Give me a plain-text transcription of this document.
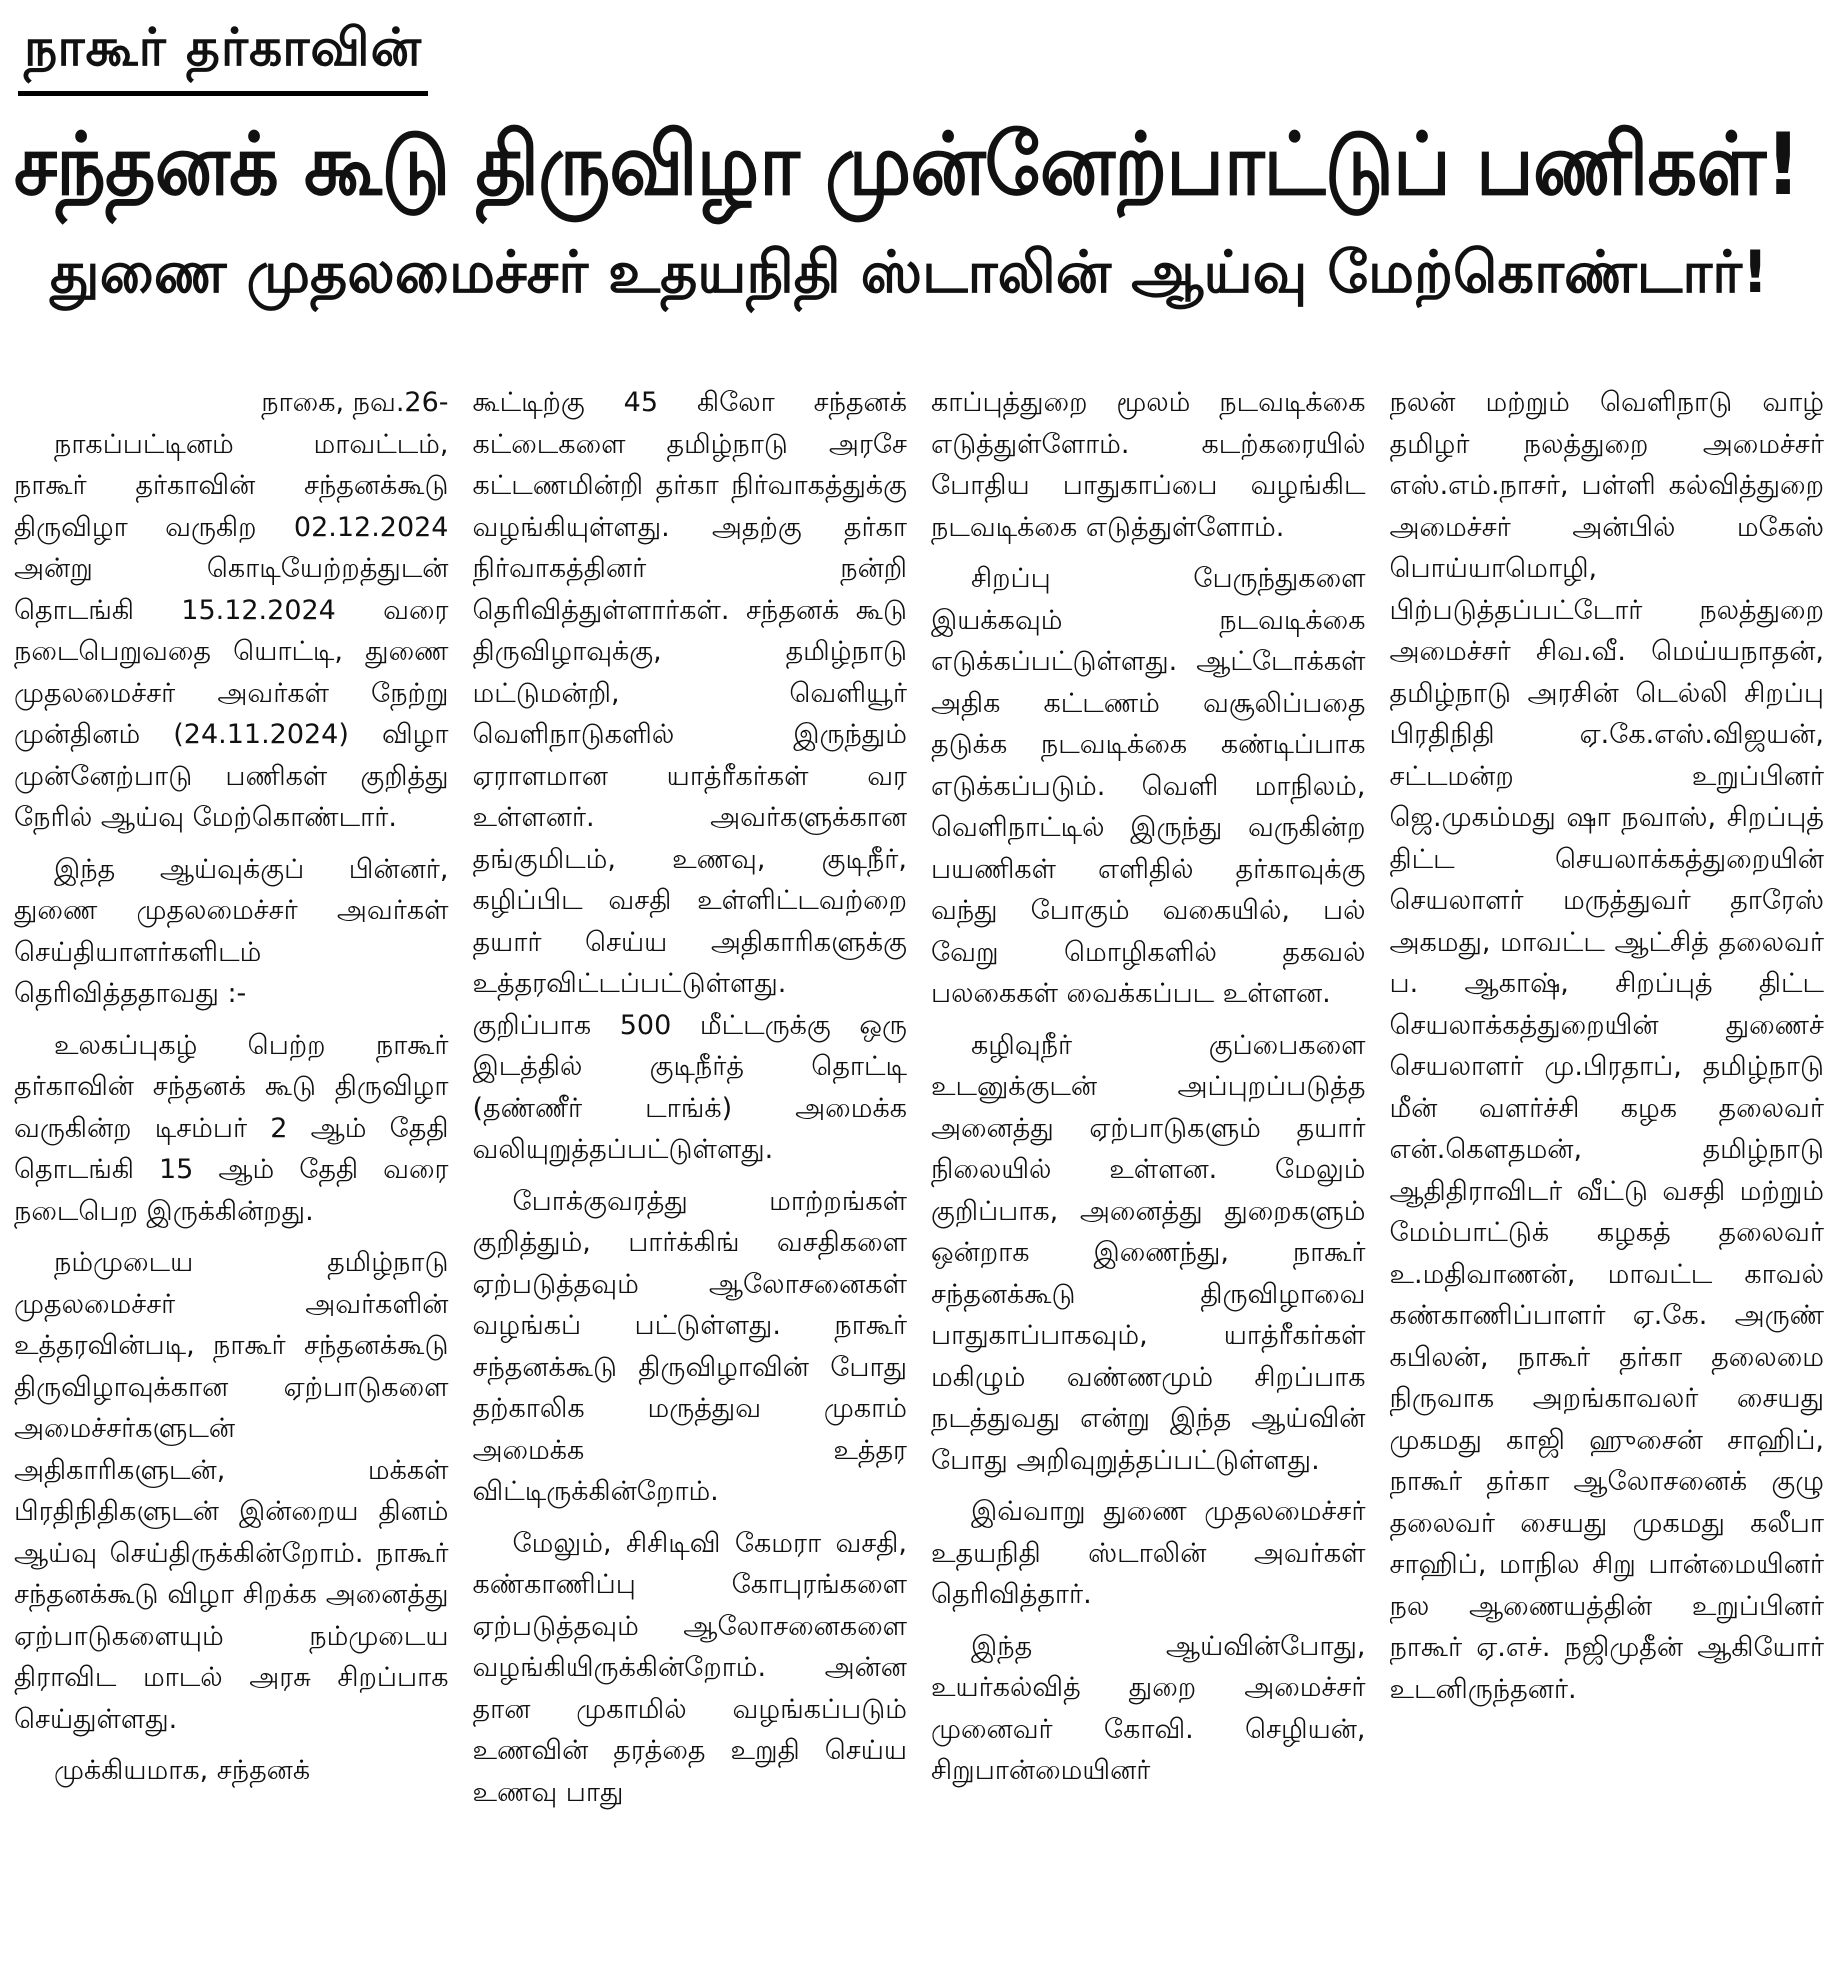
நாகூர் தர்காவின்
சந்தனக் கூடு திருவிழா முன்னேற்பாட்டுப் பணிகள்!
துணை முதலமைச்சர் உதயநிதி ஸ்டாலின் ஆய்வு மேற்கொண்டார்!

நாகை, நவ.26-

நாகப்பட்டினம் மாவட்டம், நாகூர் தர்காவின் சந்தனக்கூடு திருவிழா வருகிற 02.12.2024 அன்று கொடியேற்றத்துடன் தொடங்கி 15.12.2024 வரை நடைபெறுவதை யொட்டி, துணை முதலமைச்சர் அவர்கள் நேற்று முன்தினம் (24.11.2024) விழா முன்னேற்பாடு பணிகள் குறித்து நேரில் ஆய்வு மேற்கொண்டார்.

இந்த ஆய்வுக்குப் பின்னர், துணை முதலமைச்சர் அவர்கள் செய்தியாளர்களிடம் தெரிவித்ததாவது :-

உலகப்புகழ் பெற்ற நாகூர் தர்காவின் சந்தனக் கூடு திருவிழா வருகின்ற டிசம்பர் 2 ஆம் தேதி தொடங்கி 15 ஆம் தேதி வரை நடைபெற இருக்கின்றது.

நம்முடைய தமிழ்நாடு முதலமைச்சர் அவர்களின் உத்தரவின்படி, நாகூர் சந்தனக்கூடு திருவிழாவுக்கான ஏற்பாடுகளை அமைச்சர்களுடன் அதிகாரிகளுடன், மக்கள் பிரதிநிதிகளுடன் இன்றைய தினம் ஆய்வு செய்திருக்கின்றோம். நாகூர் சந்தனக்கூடு விழா சிறக்க அனைத்து ஏற்பாடுகளையும் நம்முடைய திராவிட மாடல் அரசு சிறப்பாக செய்துள்ளது.

முக்கியமாக, சந்தனக்

கூட்டிற்கு 45 கிலோ சந்தனக் கட்டைகளை தமிழ்நாடு அரசே கட்டணமின்றி தர்கா நிர்வாகத்துக்கு வழங்கியுள்ளது. அதற்கு தர்கா நிர்வாகத்தினர் நன்றி தெரிவித்துள்ளார்கள். சந்தனக் கூடு திருவிழாவுக்கு, தமிழ்நாடு மட்டுமன்றி, வெளியூர் வெளிநாடுகளில் இருந்தும் ஏராளமான யாத்ரீகர்கள் வர உள்ளனர். அவர்களுக்கான தங்குமிடம், உணவு, குடிநீர், கழிப்பிட வசதி உள்ளிட்டவற்றை தயார் செய்ய அதிகாரிகளுக்கு உத்தரவிட்டப்பட்டுள்ளது. குறிப்பாக 500 மீட்டருக்கு ஒரு இடத்தில் குடிநீர்த் தொட்டி (தண்ணீர் டாங்க்) அமைக்க வலியுறுத்தப்பட்டுள்ளது.

போக்குவரத்து மாற்றங்கள் குறித்தும், பார்க்கிங் வசதிகளை ஏற்படுத்தவும் ஆலோசனைகள் வழங்கப் பட்டுள்ளது. நாகூர் சந்தனக்கூடு திருவிழாவின் போது தற்காலிக மருத்துவ முகாம் அமைக்க உத்தர விட்டிருக்கின்றோம்.

மேலும், சிசிடிவி கேமரா வசதி, கண்காணிப்பு கோபுரங்களை ஏற்படுத்தவும் ஆலோசனைகளை வழங்கியிருக்கின்றோம். அன்ன தான முகாமில் வழங்கப்படும் உணவின் தரத்தை உறுதி செய்ய உணவு பாது

காப்புத்துறை மூலம் நடவடிக்கை எடுத்துள்ளோம். கடற்கரையில் போதிய பாதுகாப்பை வழங்கிட நடவடிக்கை எடுத்துள்ளோம்.

சிறப்பு பேருந்துகளை இயக்கவும் நடவடிக்கை எடுக்கப்பட்டுள்ளது. ஆட்டோக்கள் அதிக கட்டணம் வசூலிப்பதை தடுக்க நடவடிக்கை கண்டிப்பாக எடுக்கப்படும். வெளி மாநிலம், வெளிநாட்டில் இருந்து வருகின்ற பயணிகள் எளிதில் தர்காவுக்கு வந்து போகும் வகையில், பல் வேறு மொழிகளில் தகவல் பலகைகள் வைக்கப்பட உள்ளன.

கழிவுநீர் குப்பைகளை உடனுக்குடன் அப்புறப்படுத்த அனைத்து ஏற்பாடுகளும் தயார் நிலையில் உள்ளன. மேலும் குறிப்பாக, அனைத்து துறைகளும் ஒன்றாக இணைந்து, நாகூர் சந்தனக்கூடு திருவிழாவை பாதுகாப்பாகவும், யாத்ரீகர்கள் மகிழும் வண்ணமும் சிறப்பாக நடத்துவது என்று இந்த ஆய்வின் போது அறிவுறுத்தப்பட்டுள்ளது.

இவ்வாறு துணை முதலமைச்சர் உதயநிதி ஸ்டாலின் அவர்கள் தெரிவித்தார்.

இந்த ஆய்வின்போது, உயர்கல்வித் துறை அமைச்சர் முனைவர் கோவி. செழியன், சிறுபான்மையினர்

நலன் மற்றும் வெளிநாடு வாழ் தமிழர் நலத்துறை அமைச்சர் எஸ்.எம்.நாசர், பள்ளி கல்வித்துறை அமைச்சர் அன்பில் மகேஸ் பொய்யாமொழி, பிற்படுத்தப்பட்டோர் நலத்துறை அமைச்சர் சிவ.வீ. மெய்யநாதன், தமிழ்நாடு அரசின் டெல்லி சிறப்பு பிரதிநிதி ஏ.கே.எஸ்.விஜயன், சட்டமன்ற உறுப்பினர் ஜெ.முகம்மது ஷா நவாஸ், சிறப்புத் திட்ட செயலாக்கத்துறையின் செயலாளர் மருத்துவர் தாரேஸ் அகமது, மாவட்ட ஆட்சித் தலைவர் ப. ஆகாஷ், சிறப்புத் திட்ட செயலாக்கத்துறையின் துணைச் செயலாளர் மு.பிரதாப், தமிழ்நாடு மீன் வளர்ச்சி கழக தலைவர் என்.கௌதமன், தமிழ்நாடு ஆதிதிராவிடர் வீட்டு வசதி மற்றும் மேம்பாட்டுக் கழகத் தலைவர் உ.மதிவாணன், மாவட்ட காவல் கண்காணிப்பாளர் ஏ.கே. அருண் கபிலன், நாகூர் தர்கா தலைமை நிருவாக அறங்காவலர் சையது முகமது காஜி ஹுசைன் சாஹிப், நாகூர் தர்கா ஆலோசனைக் குழு தலைவர் சையது முகமது கலீபா சாஹிப், மாநில சிறு பான்மையினர் நல ஆணையத்தின் உறுப்பினர் நாகூர் ஏ.எச். நஜிமுதீன் ஆகியோர் உடனிருந்தனர்.
